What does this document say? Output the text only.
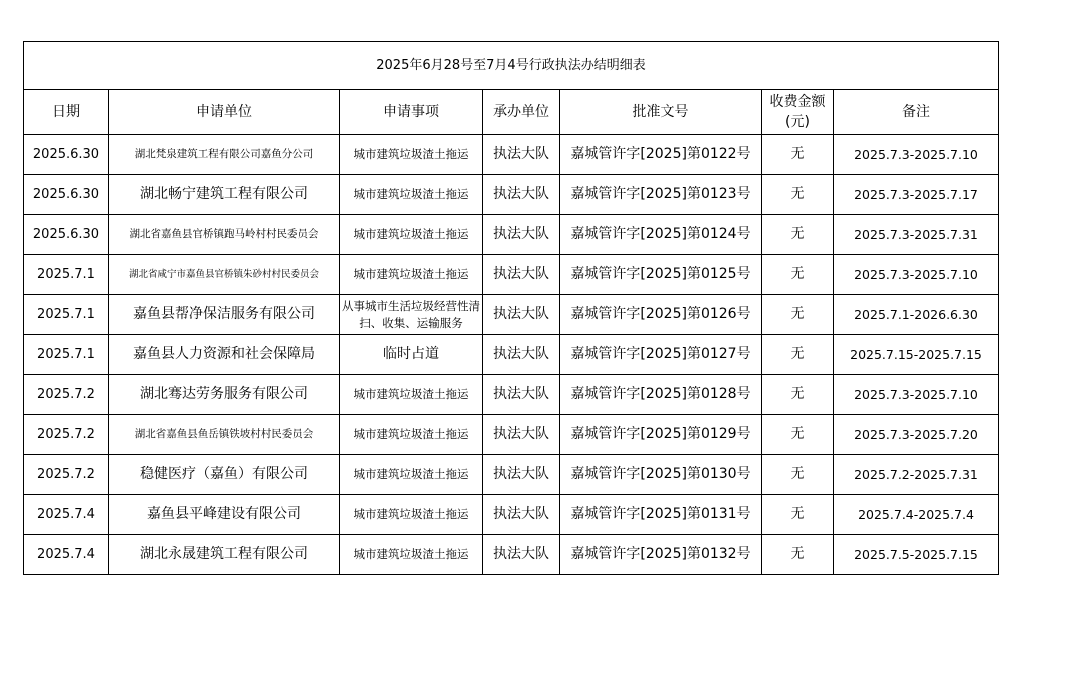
2025年6月28号至7月4号行政执法办结明细表						
日期	申请单位	申请事项	承办单位	批准文号	收费金额(元)	备注
2025.6.30	湖北梵泉建筑工程有限公司嘉鱼分公司	城市建筑垃圾渣土拖运	执法大队	嘉城管许字[2025]第0122号	无	2025.7.3-2025.7.10
2025.6.30	湖北畅宁建筑工程有限公司	城市建筑垃圾渣土拖运	执法大队	嘉城管许字[2025]第0123号	无	2025.7.3-2025.7.17
2025.6.30	湖北省嘉鱼县官桥镇跑马岭村村民委员会	城市建筑垃圾渣土拖运	执法大队	嘉城管许字[2025]第0124号	无	2025.7.3-2025.7.31
2025.7.1	湖北省咸宁市嘉鱼县官桥镇朱砂村村民委员会	城市建筑垃圾渣土拖运	执法大队	嘉城管许字[2025]第0125号	无	2025.7.3-2025.7.10
2025.7.1	嘉鱼县帮净保洁服务有限公司	从事城市生活垃圾经营性清扫、收集、运输服务	执法大队	嘉城管许字[2025]第0126号	无	2025.7.1-2026.6.30
2025.7.1	嘉鱼县人力资源和社会保障局	临时占道	执法大队	嘉城管许字[2025]第0127号	无	2025.7.15-2025.7.15
2025.7.2	湖北骞达劳务服务有限公司	城市建筑垃圾渣土拖运	执法大队	嘉城管许字[2025]第0128号	无	2025.7.3-2025.7.10
2025.7.2	湖北省嘉鱼县鱼岳镇铁坡村村民委员会	城市建筑垃圾渣土拖运	执法大队	嘉城管许字[2025]第0129号	无	2025.7.3-2025.7.20
2025.7.2	稳健医疗（嘉鱼）有限公司	城市建筑垃圾渣土拖运	执法大队	嘉城管许字[2025]第0130号	无	2025.7.2-2025.7.31
2025.7.4	嘉鱼县平峰建设有限公司	城市建筑垃圾渣土拖运	执法大队	嘉城管许字[2025]第0131号	无	2025.7.4-2025.7.4
2025.7.4	湖北永晟建筑工程有限公司	城市建筑垃圾渣土拖运	执法大队	嘉城管许字[2025]第0132号	无	2025.7.5-2025.7.15
